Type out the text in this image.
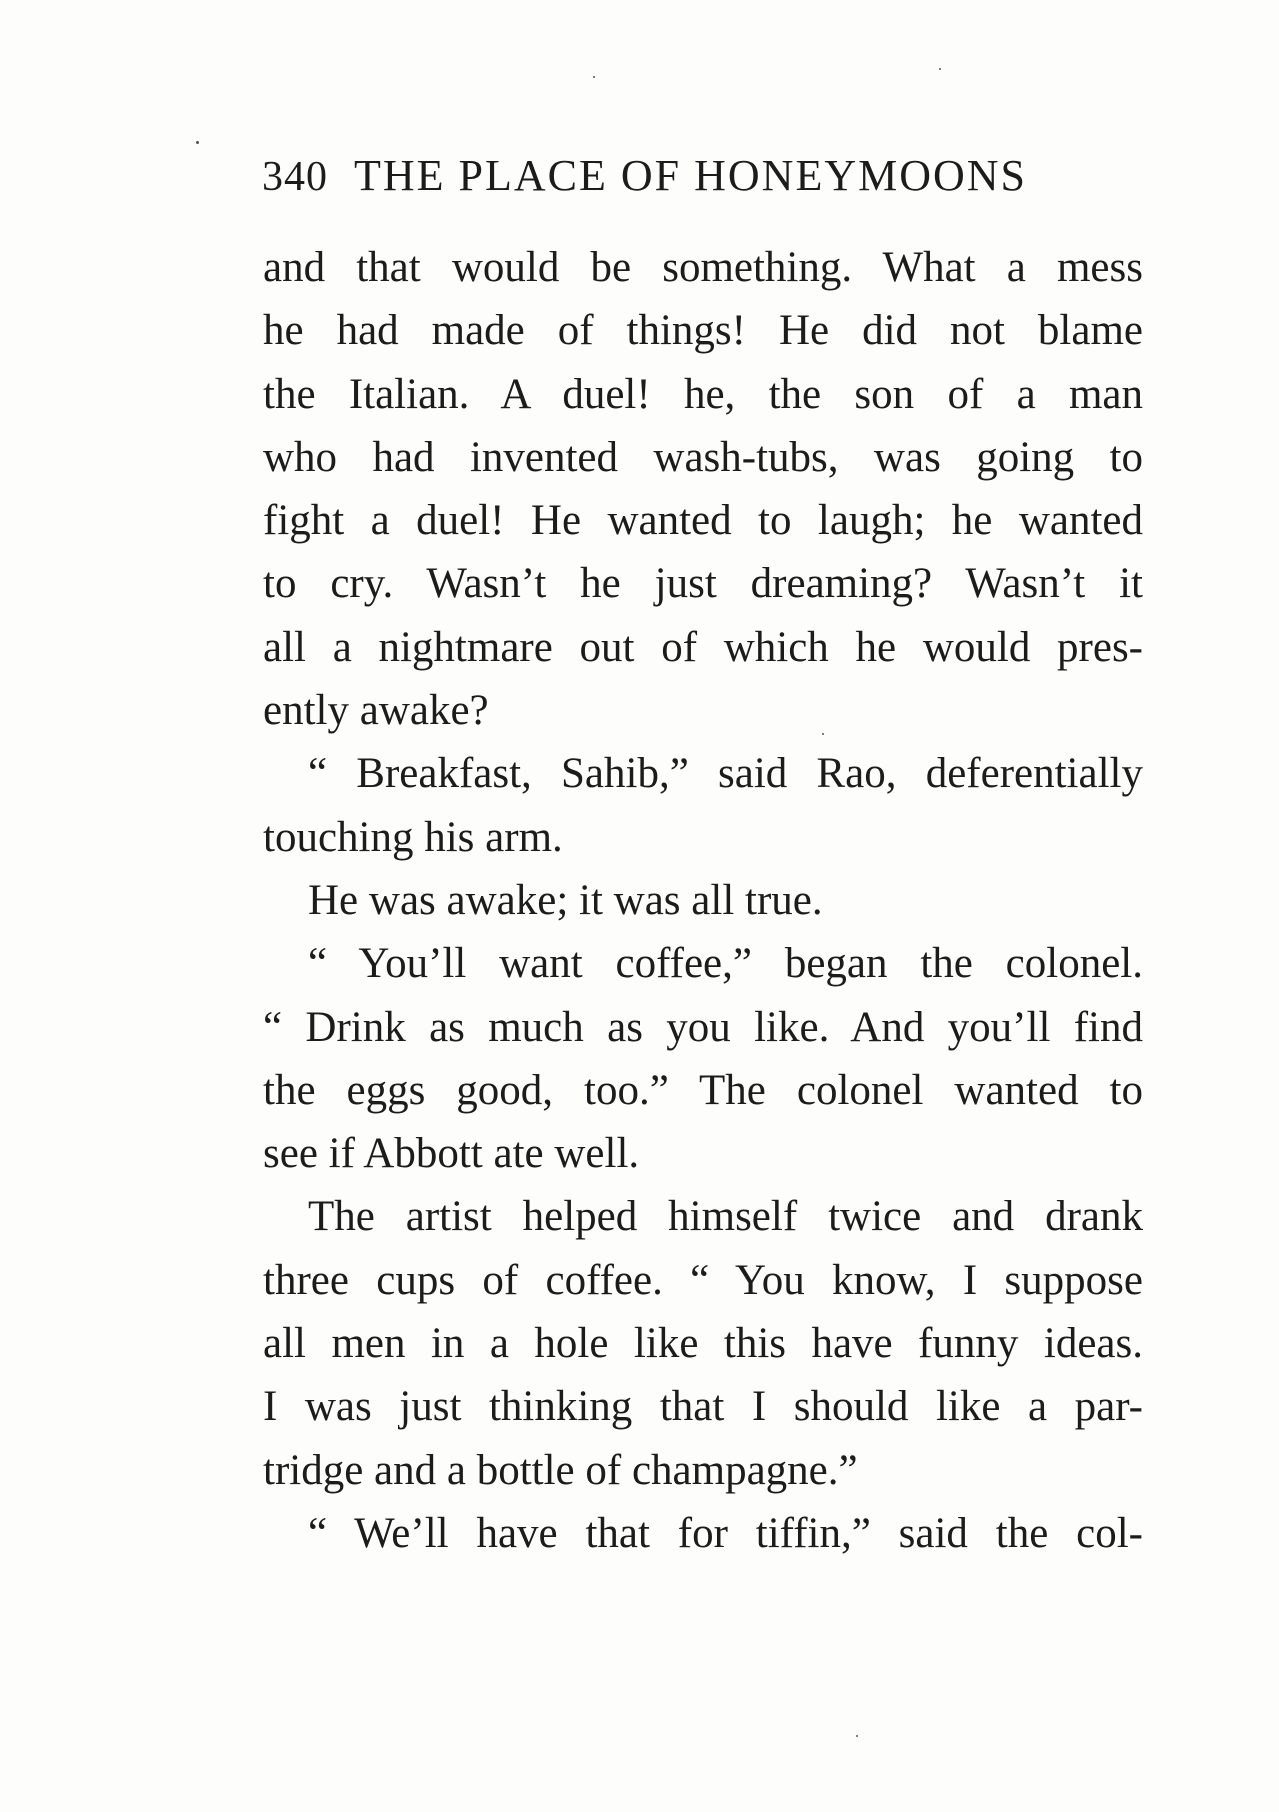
340 THE PLACE OF HONEYMOONS
and that would be something. What a mess
he had made of things! He did not blame
the Italian. A duel! he, the son of a man
who had invented wash-tubs, was going to
fight a duel! He wanted to laugh; he wanted
to cry. Wasn’t he just dreaming? Wasn’t it
all a nightmare out of which he would pres-
ently awake?
“ Breakfast, Sahib,” said Rao, deferentially
touching his arm.
He was awake; it was all true.
“ You’ll want coffee,” began the colonel.
“ Drink as much as you like. And you’ll find
the eggs good, too.” The colonel wanted to
see if Abbott ate well.
The artist helped himself twice and drank
three cups of coffee. “ You know, I suppose
all men in a hole like this have funny ideas.
I was just thinking that I should like a par-
tridge and a bottle of champagne.”
“ We’ll have that for tiffin,” said the col-
